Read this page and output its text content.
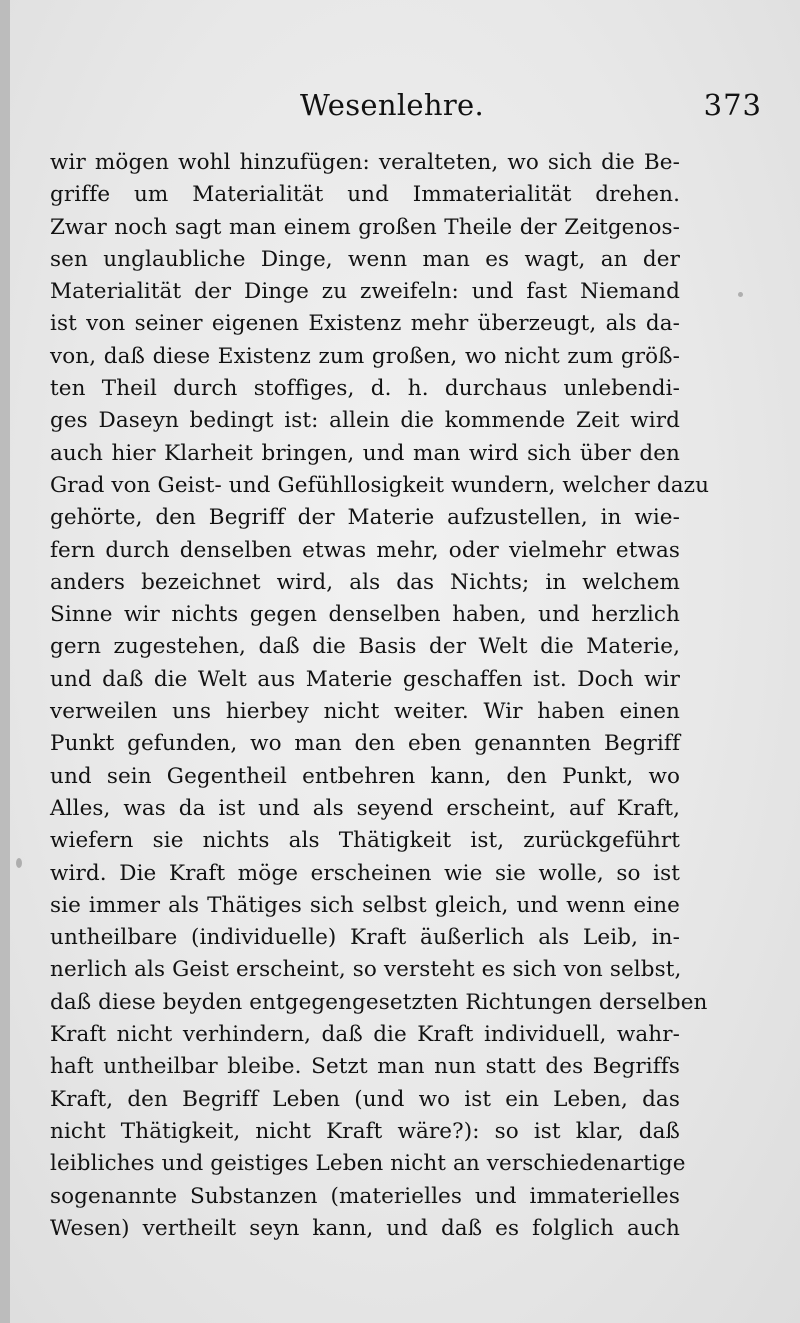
Wesenlehre.	373
wir mögen wohl hinzufügen: veralteten, wo sich die Be-
griffe um Materialität und Immaterialität drehen.
Zwar noch sagt man einem großen Theile der Zeitgenos-
sen unglaubliche Dinge, wenn man es wagt, an der
Materialität der Dinge zu zweifeln: und fast Niemand
ist von seiner eigenen Existenz mehr überzeugt, als da-
von, daß diese Existenz zum großen, wo nicht zum größ-
ten Theil durch stoffiges, d. h. durchaus unlebendi-
ges Daseyn bedingt ist: allein die kommende Zeit wird
auch hier Klarheit bringen, und man wird sich über den
Grad von Geist- und Gefühllosigkeit wundern, welcher dazu
gehörte, den Begriff der Materie aufzustellen, in wie-
fern durch denselben etwas mehr, oder vielmehr etwas
anders bezeichnet wird, als das Nichts; in welchem
Sinne wir nichts gegen denselben haben, und herzlich
gern zugestehen, daß die Basis der Welt die Materie,
und daß die Welt aus Materie geschaffen ist. Doch wir
verweilen uns hierbey nicht weiter. Wir haben einen
Punkt gefunden, wo man den eben genannten Begriff
und sein Gegentheil entbehren kann, den Punkt, wo
Alles, was da ist und als seyend erscheint, auf Kraft,
wiefern sie nichts als Thätigkeit ist, zurückgeführt
wird. Die Kraft möge erscheinen wie sie wolle, so ist
sie immer als Thätiges sich selbst gleich, und wenn eine
untheilbare (individuelle) Kraft äußerlich als Leib, in-
nerlich als Geist erscheint, so versteht es sich von selbst,
daß diese beyden entgegengesetzten Richtungen derselben
Kraft nicht verhindern, daß die Kraft individuell, wahr-
haft untheilbar bleibe. Setzt man nun statt des Begriffs
Kraft, den Begriff Leben (und wo ist ein Leben, das
nicht Thätigkeit, nicht Kraft wäre?): so ist klar, daß
leibliches und geistiges Leben nicht an verschiedenartige
sogenannte Substanzen (materielles und immaterielles
Wesen) vertheilt seyn kann, und daß es folglich auch
